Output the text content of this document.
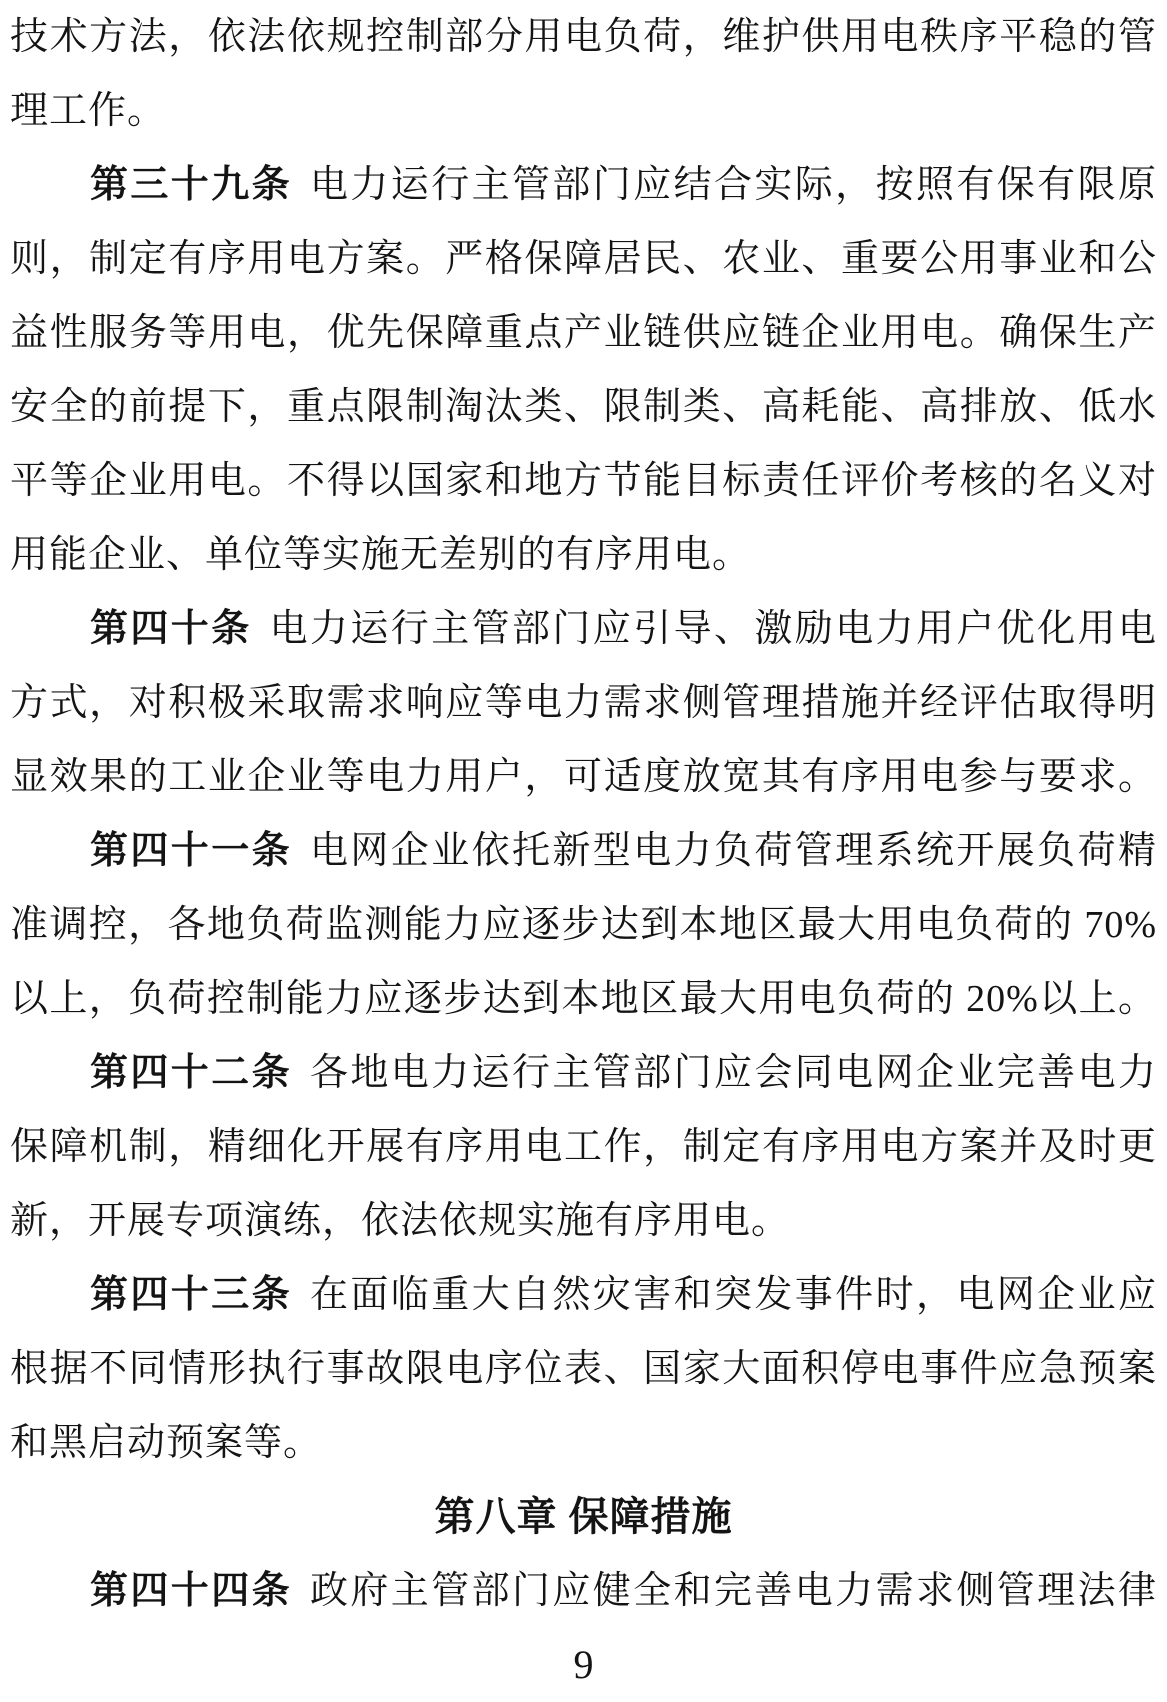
技术方法，依法依规控制部分用电负荷，维护供用电秩序平稳的管
理工作。
第三十九条 电力运行主管部门应结合实际，按照有保有限原
则，制定有序用电方案。严格保障居民、农业、重要公用事业和公
益性服务等用电，优先保障重点产业链供应链企业用电。确保生产
安全的前提下，重点限制淘汰类、限制类、高耗能、高排放、低水
平等企业用电。不得以国家和地方节能目标责任评价考核的名义对
用能企业、单位等实施无差别的有序用电。
第四十条 电力运行主管部门应引导、激励电力用户优化用电
方式，对积极采取需求响应等电力需求侧管理措施并经评估取得明
显效果的工业企业等电力用户，可适度放宽其有序用电参与要求。
第四十一条 电网企业依托新型电力负荷管理系统开展负荷精
准调控，各地负荷监测能力应逐步达到本地区最大用电负荷的 70%
以上，负荷控制能力应逐步达到本地区最大用电负荷的 20%以上。
第四十二条 各地电力运行主管部门应会同电网企业完善电力
保障机制，精细化开展有序用电工作，制定有序用电方案并及时更
新，开展专项演练，依法依规实施有序用电。
第四十三条 在面临重大自然灾害和突发事件时，电网企业应
根据不同情形执行事故限电序位表、国家大面积停电事件应急预案
和黑启动预案等。
第八章 保障措施
第四十四条 政府主管部门应健全和完善电力需求侧管理法律
9
